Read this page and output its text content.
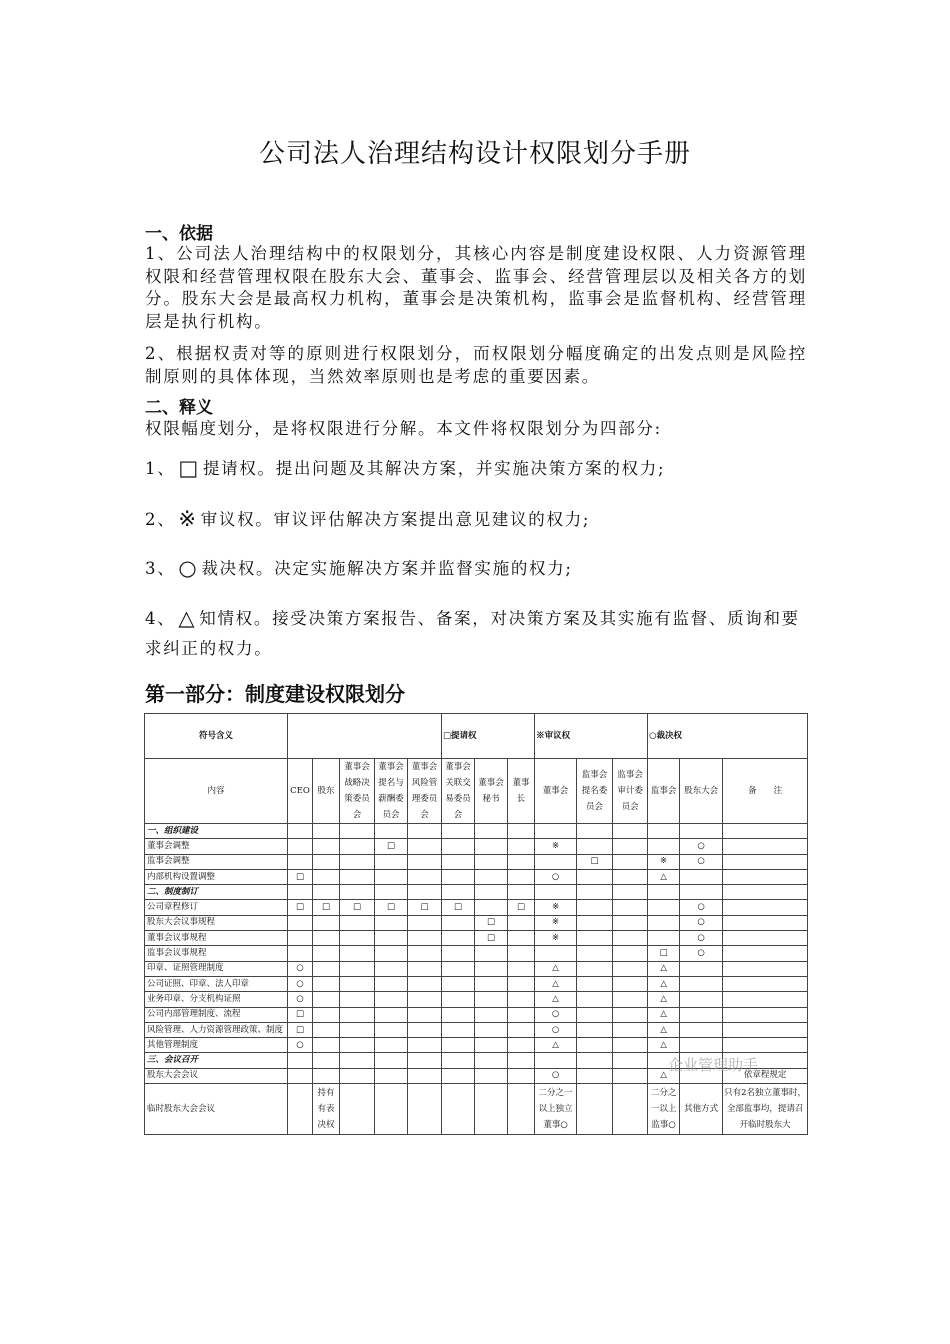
公司法人治理结构设计权限划分手册
一、依据
1、公司法人治理结构中的权限划分，其核心内容是制度建设权限、人力资源管理权限和经营管理权限在股东大会、董事会、监事会、经营管理层以及相关各方的划分。股东大会是最高权力机构，董事会是决策机构，监事会是监督机构、经营管理层是执行机构。
2、根据权责对等的原则进行权限划分，而权限划分幅度确定的出发点则是风险控制原则的具体体现，当然效率原则也是考虑的重要因素。
二、释义
权限幅度划分，是将权限进行分解。本文件将权限划分为四部分:
1、 □ 提请权。提出问题及其解决方案，并实施决策方案的权力;
2、 ※ 审议权。审议评估解决方案提出意见建议的权力;
3、 ○ 裁决权。决定实施解决方案并监督实施的权力;
4、 △ 知情权。接受决策方案报告、备案，对决策方案及其实施有监督、质询和要求纠正的权力。
第一部分：制度建设权限划分
符号含义						□提请权			※审议权			○裁决权	
内容	CEO	股东	董事会战略决策委员会	董事会提名与薪酬委员会	董事会风险管理委员会	董事会关联交易委员会	董事会秘书	董事长	董事会	监事会提名委员会	监事会审计委员会	监事会	股东大会	备　　注	
一、组织建设															
董事会调整				□					※				○		
监事会调整										□		※	○		
内部机构设置调整	□								○			△			
二、制度制订															
公司章程修订	□	□	□	□	□	□		□	※				○		
股东大会议事规程							□		※				○		
董事会议事规程							□		※				○		
监事会议事规程												□	○		
印章、证照管理制度	○								△			△			
公司证照、印章、法人印章	○								△			△			
业务印章、分支机构证照	○								△			△			
公司内部管理制度、流程	□								○			△			
风险管理、人力资源管理政策、制度	□								○			△			
其他管理制度	○								△			△			
三、会议召开															
股东大会会议									○			△		依章程规定	
临时股东大会会议		持有有表决权							二分之一以上独立董事○			二分之一以上监事○	其他方式	只有2名独立董事时，全部监事均，提请召开临时股东大	
企业管理助手
